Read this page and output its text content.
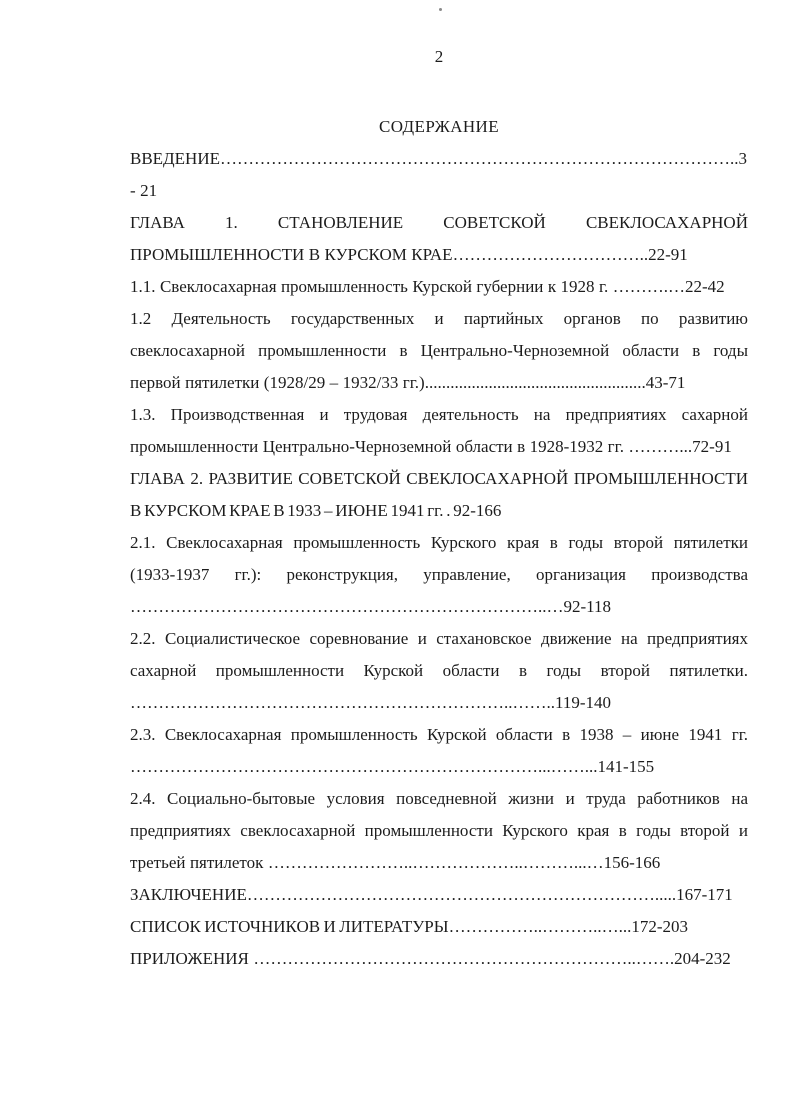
2
СОДЕРЖАНИЕ

ВВЕДЕНИЕ………………………………………………………………………………..3 - 21

ГЛАВА 1. СТАНОВЛЕНИЕ СОВЕТСКОЙ СВЕКЛОСАХАРНОЙ ПРОМЫШЛЕННОСТИ В КУРСКОМ КРАЕ……………………………..22-91

1.1. Свеклосахарная промышленность Курской губернии к 1928 г. ……….…22-42

1.2 Деятельность государственных и партийных органов по развитию свеклосахарной промышленности в Центрально-Черноземной области в годы первой пятилетки (1928/29 – 1932/33 гг.)....................................................43-71

1.3. Производственная и трудовая деятельность на предприятиях сахарной промышленности Центрально-Черноземной области в 1928-1932 гг. ………...72-91

ГЛАВА 2. РАЗВИТИЕ СОВЕТСКОЙ СВЕКЛОСАХАРНОЙ ПРОМЫШЛЕННОСТИ В КУРСКОМ КРАЕ В 1933 – ИЮНЕ 1941 гг. . 92-166

2.1. Свеклосахарная промышленность Курского края в годы второй пятилетки (1933-1937 гг.): реконструкция, управление, организация производства ………………………………………………………………..…92-118

2.2. Социалистическое соревнование и стахановское движение на предприятиях сахарной промышленности Курской области в годы второй пятилетки. …………………………………………………………..……..119-140

2.3. Свеклосахарная промышленность Курской области в 1938 – июне 1941 гг. ………………………………………………………………...……...141-155

2.4. Социально-бытовые условия повседневной жизни и труда работников на предприятиях свеклосахарной промышленности Курского края в годы второй и третьей пятилеток ……………………..………………..………...…156-166

ЗАКЛЮЧЕНИЕ……………………………………………………………….....167-171

СПИСОК ИСТОЧНИКОВ И ЛИТЕРАТУРЫ……………..………..…...172-203

ПРИЛОЖЕНИЯ …………………………………………………………..…….204-232
